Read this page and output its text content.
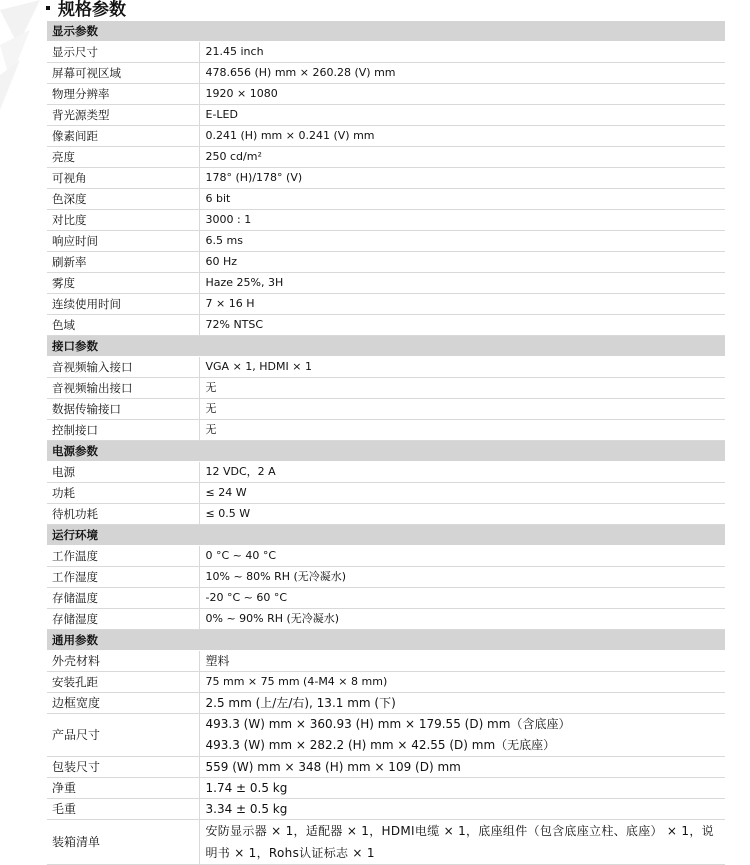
规格参数
显示参数	
显示尺寸	21.45 inch
屏幕可视区域	478.656 (H) mm × 260.28 (V) mm
物理分辨率	1920 × 1080
背光源类型	E-LED
像素间距	0.241 (H) mm × 0.241 (V) mm
亮度	250 cd/m²
可视角	178° (H)/178° (V)
色深度	6 bit
对比度	3000 : 1
响应时间	6.5 ms
刷新率	60 Hz
雾度	Haze 25%, 3H
连续使用时间	7 × 16 H
色域	72% NTSC
接口参数	
音视频输入接口	VGA × 1, HDMI × 1
音视频输出接口	无
数据传输接口	无
控制接口	无
电源参数	
电源	12 VDC，2 A
功耗	≤ 24 W
待机功耗	≤ 0.5 W
运行环境	
工作温度	0 °C ~ 40 °C
工作湿度	10% ~ 80% RH (无冷凝水)
存储温度	-20 °C ~ 60 °C
存储湿度	0% ~ 90% RH (无冷凝水)
通用参数	
外壳材料	塑料
安装孔距	75 mm × 75 mm (4-M4 × 8 mm)
边框宽度	2.5 mm (上/左/右), 13.1 mm (下)
产品尺寸	493.3 (W) mm × 360.93 (H) mm × 179.55 (D) mm（含底座）
493.3 (W) mm × 282.2 (H) mm × 42.55 (D) mm（无底座）

包装尺寸	559 (W) mm × 348 (H) mm × 109 (D) mm
净重	1.74 ± 0.5 kg
毛重	3.34 ± 0.5 kg
装箱清单	安防显示器 × 1，适配器 × 1，HDMI电缆 × 1，底座组件（包含底座立柱、底座） × 1，说明书 × 1，Rohs认证标志 × 1
